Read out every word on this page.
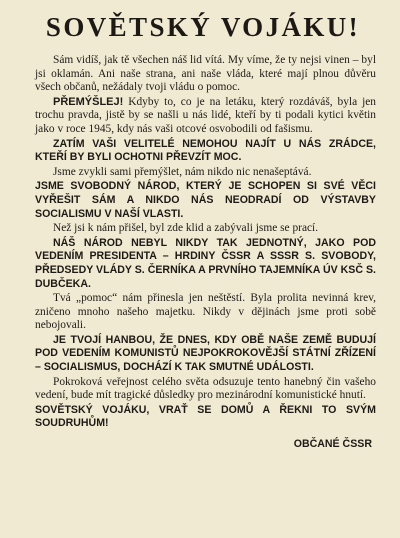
SOVĚTSKÝ VOJÁKU!

Sám vidíš, jak tě všechen náš lid vítá. My víme, že ty nejsi vinen – byl jsi oklamán. Ani naše strana, ani naše vláda, které mají plnou důvěru všech občanů, nežádaly tvoji vládu o pomoc.

PŘEMÝŠLEJ! Kdyby to, co je na letáku, který rozdáváš, byla jen trochu pravda, jistě by se našli u nás lidé, kteří by ti podali kytici květin jako v roce 1945, kdy nás vaši otcové osvobodili od fašismu.

ZATÍM VAŠI VELITELÉ NEMOHOU NAJÍT U NÁS ZRÁDCE, KTEŘÍ BY BYLI OCHOTNI PŘEVZÍT MOC.

Jsme zvykli sami přemýšlet, nám nikdo nic nenašeptává.

JSME SVOBODNÝ NÁROD, KTERÝ JE SCHOPEN SI SVÉ VĚCI VYŘEŠIT SÁM A NIKDO NÁS NEODRADÍ OD VÝSTAVBY SOCIALISMU V NAŠÍ VLASTI.

Než jsi k nám přišel, byl zde klid a zabývali jsme se prací.

NÁŠ NÁROD NEBYL NIKDY TAK JEDNOTNÝ, JAKO POD VEDENÍM PRESIDENTA – HRDINY ČSSR A SSSR S. SVOBODY, PŘEDSEDY VLÁDY S. ČERNÍKA A PRVNÍHO TAJEMNÍKA ÚV KSČ S. DUBČEKA.

Tvá „pomoc“ nám přinesla jen neštěstí. Byla prolita nevinná krev, zničeno mnoho našeho majetku. Nikdy v dějinách jsme proti sobě nebojovali.

JE TVOJÍ HANBOU, ŽE DNES, KDY OBĚ NAŠE ZEMĚ BUDUJÍ POD VEDENÍM KOMUNISTŮ NEJPOKROKOVĚJŠÍ STÁTNÍ ZŘÍZENÍ – SOCIALISMUS, DOCHÁZÍ K TAK SMUTNÉ UDÁLOSTI.

Pokroková veřejnost celého světa odsuzuje tento hanebný čin vašeho vedení, bude mít tragické důsledky pro mezinárodní komunistické hnutí.

SOVĚTSKÝ VOJÁKU, VRAŤ SE DOMŮ A ŘEKNI TO SVÝM SOUDRUHŮM!

OBČANÉ ČSSR
